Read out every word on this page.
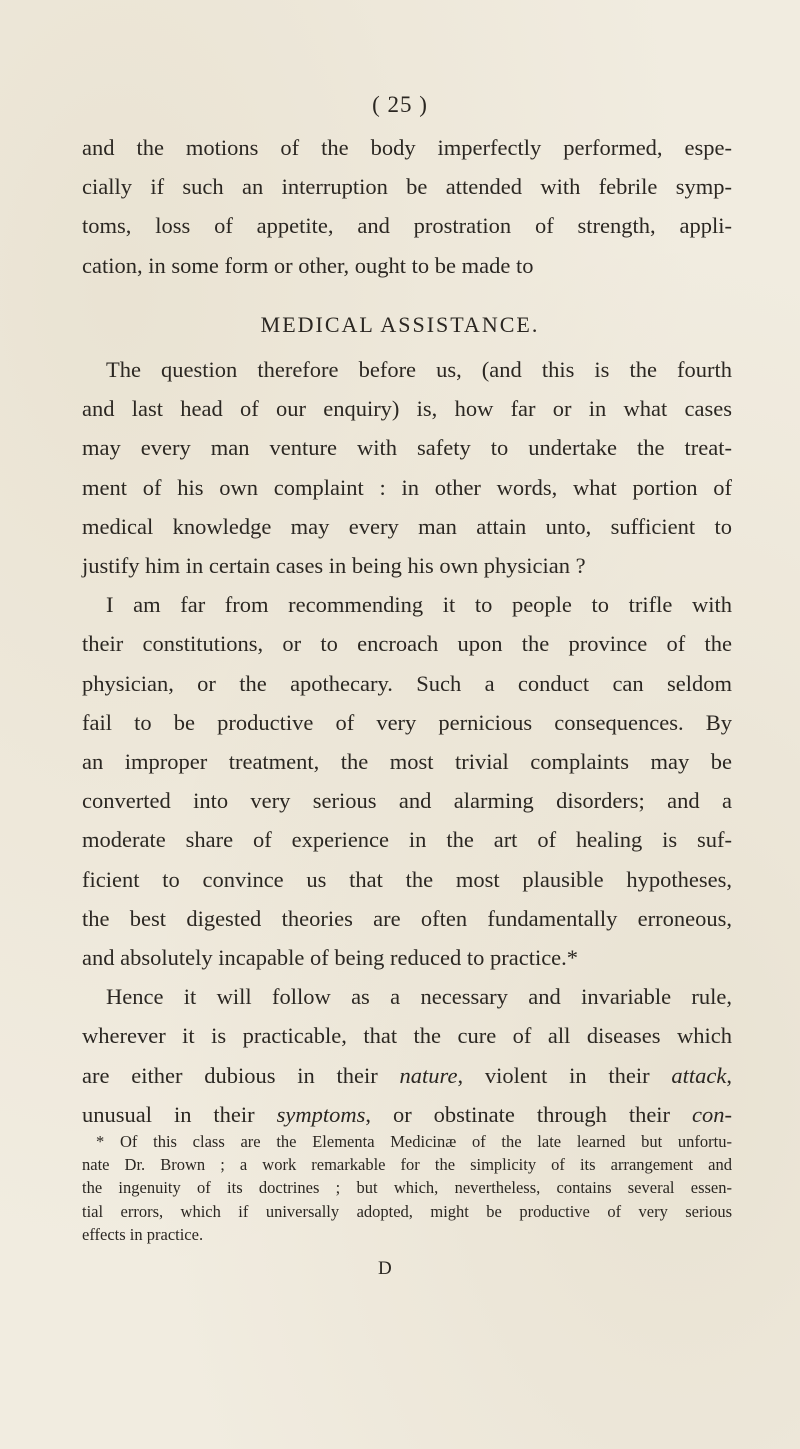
( 25 )
and the motions of the body imperfectly performed, espe-
cially if such an interruption be attended with febrile symp-
toms, loss of appetite, and prostration of strength, appli-
cation, in some form or other, ought to be made to
MEDICAL ASSISTANCE.
The question therefore before us, (and this is the fourth
and last head of our enquiry) is, how far or in what cases
may every man venture with safety to undertake the treat-
ment of his own complaint : in other words, what portion of
medical knowledge may every man attain unto, sufficient to
justify him in certain cases in being his own physician ?
I am far from recommending it to people to trifle with
their constitutions, or to encroach upon the province of the
physician, or the apothecary. Such a conduct can seldom
fail to be productive of very pernicious consequences. By
an improper treatment, the most trivial complaints may be
converted into very serious and alarming disorders; and a
moderate share of experience in the art of healing is suf-
ficient to convince us that the most plausible hypotheses,
the best digested theories are often fundamentally erroneous,
and absolutely incapable of being reduced to practice.*
Hence it will follow as a necessary and invariable rule,
wherever it is practicable, that the cure of all diseases which
are either dubious in their nature, violent in their attack,
unusual in their symptoms, or obstinate through their con-
* Of this class are the Elementa Medicinæ of the late learned but unfortu-
nate Dr. Brown ; a work remarkable for the simplicity of its arrangement and
the ingenuity of its doctrines ; but which, nevertheless, contains several essen-
tial errors, which if universally adopted, might be productive of very serious
effects in practice.
D
